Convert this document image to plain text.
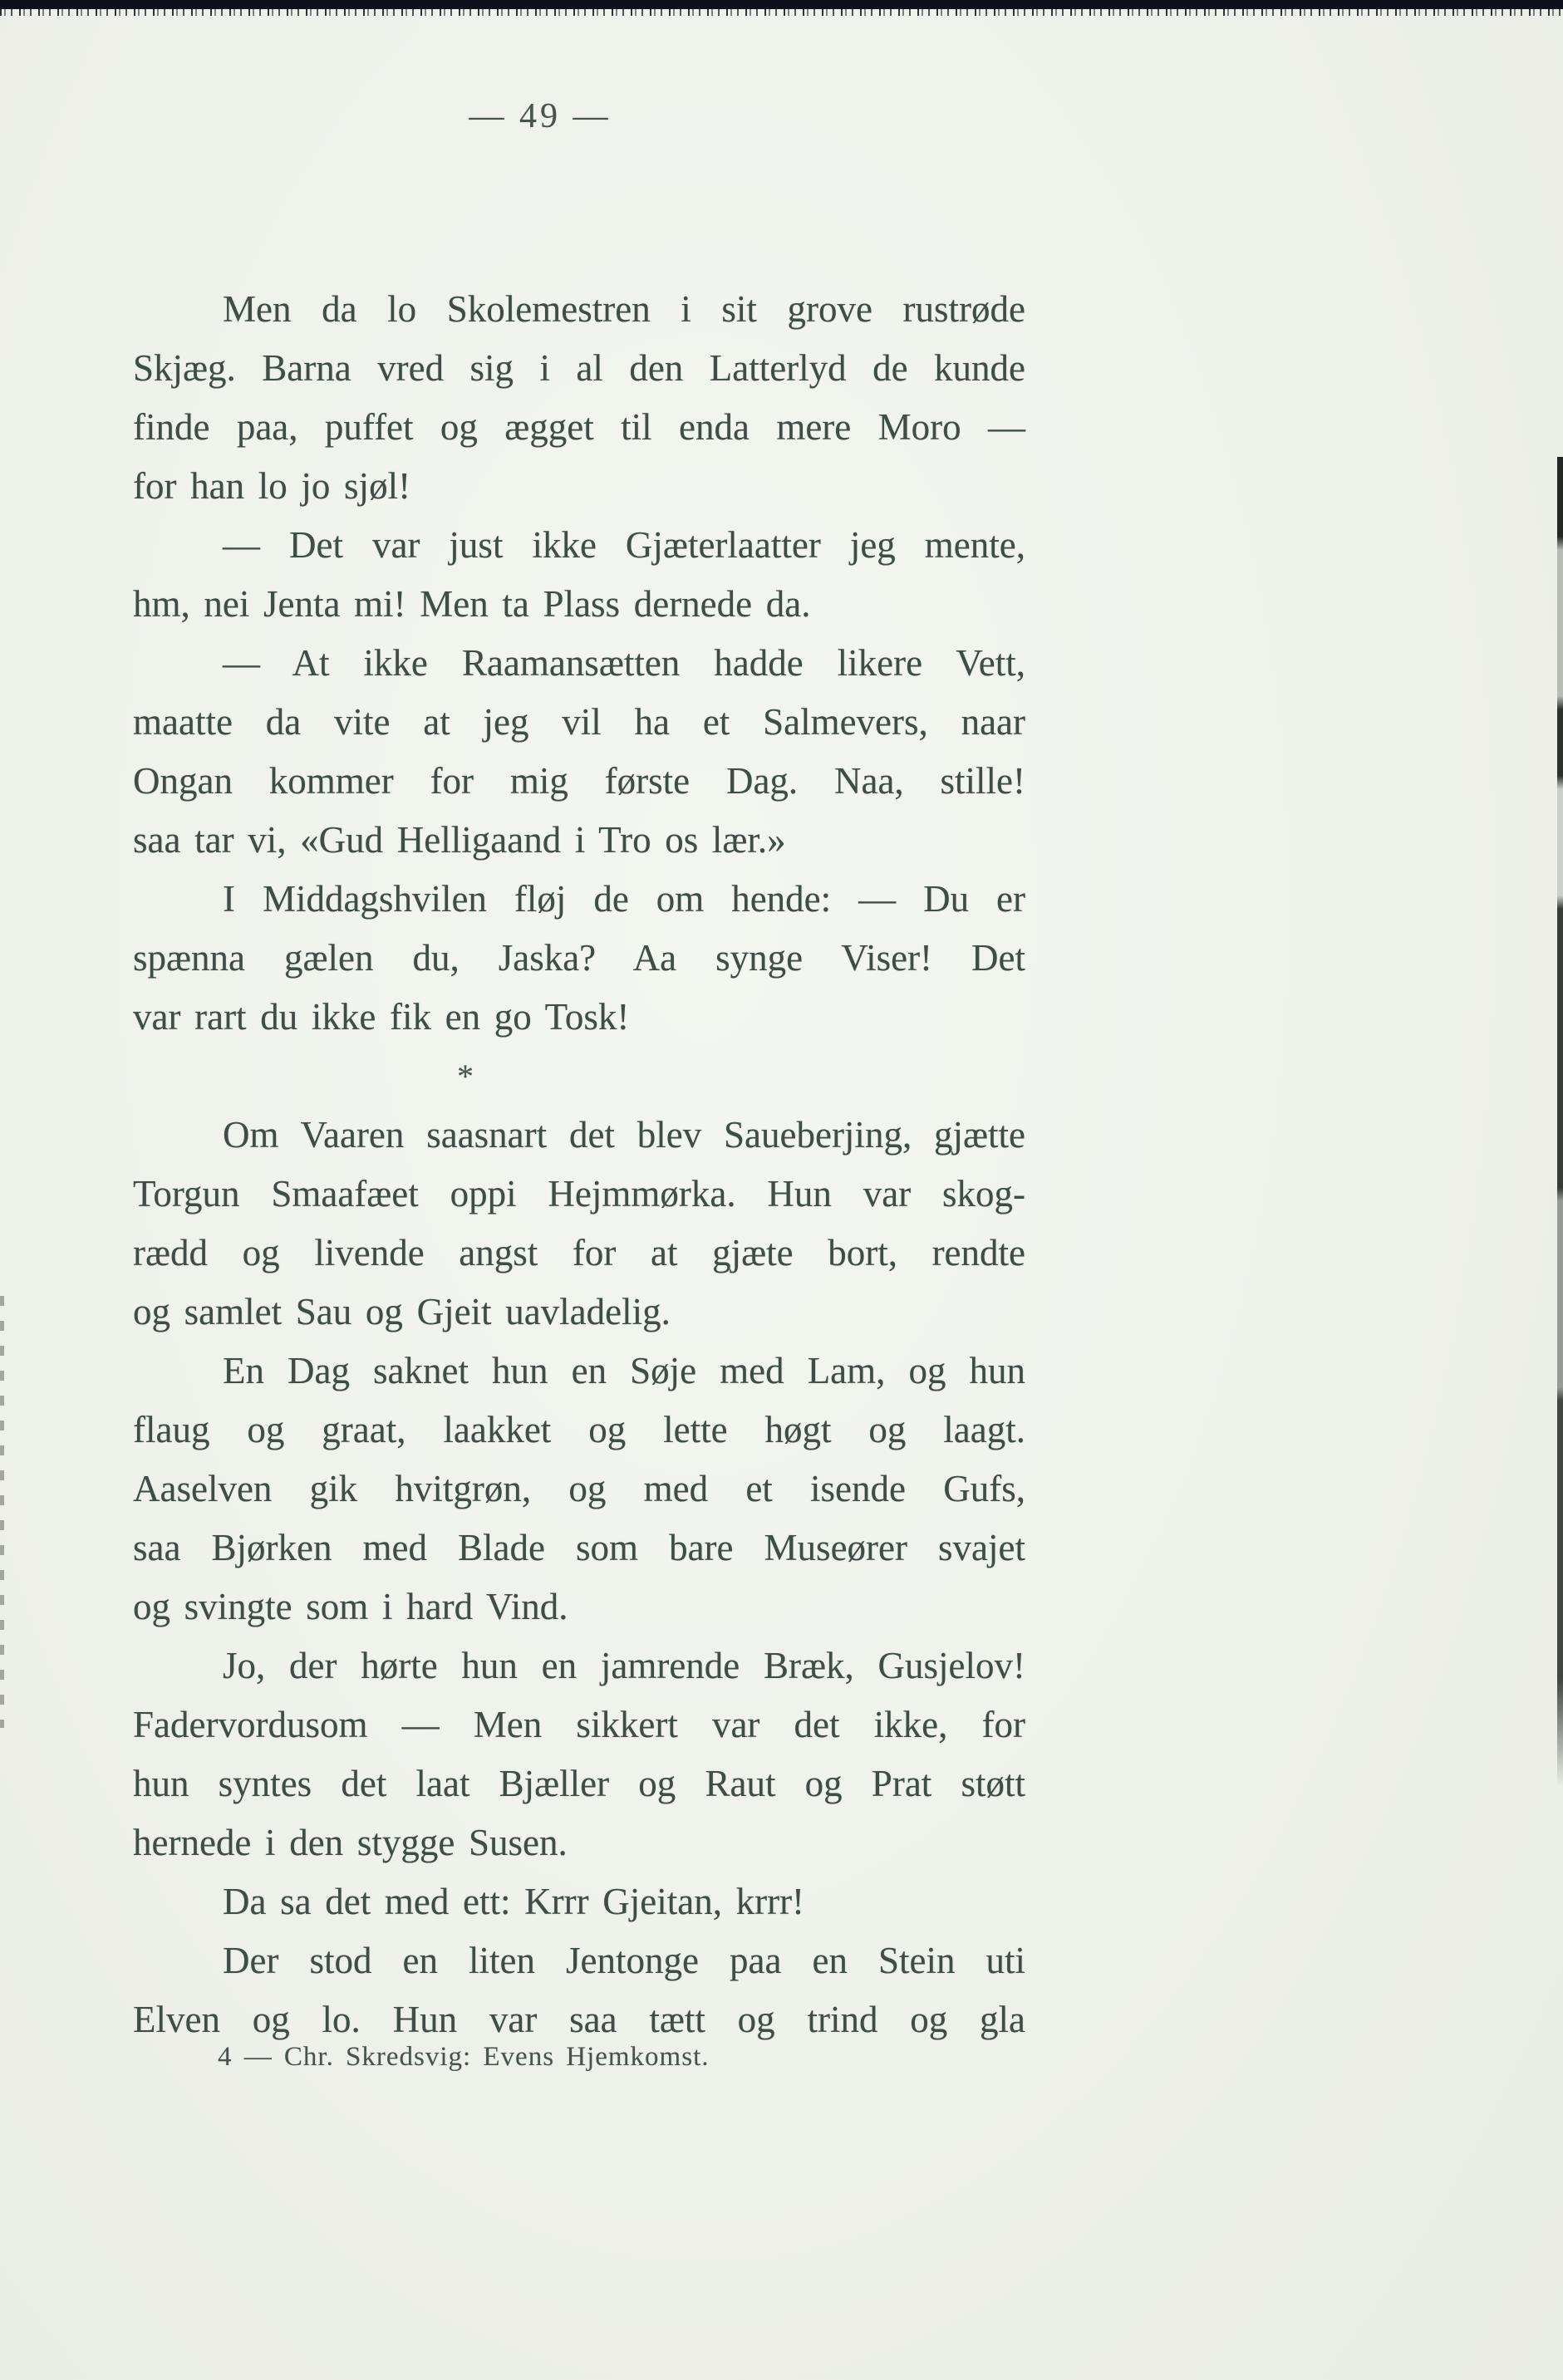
— 49 —
Men da lo Skolemestren i sit grove rustrøde
Skjæg. Barna vred sig i al den Latterlyd de kunde
finde paa, puffet og ægget til enda mere Moro —
for han lo jo sjøl!
— Det var just ikke Gjæterlaatter jeg mente,
hm, nei Jenta mi! Men ta Plass dernede da.
— At ikke Raamansætten hadde likere Vett,
maatte da vite at jeg vil ha et Salmevers, naar
Ongan kommer for mig første Dag. Naa, stille!
saa tar vi, «Gud Helligaand i Tro os lær.»
I Middagshvilen fløj de om hende: — Du er
spænna gælen du, Jaska? Aa synge Viser! Det
var rart du ikke fik en go Tosk!
*
Om Vaaren saasnart det blev Saueberjing, gjætte
Torgun Smaafæet oppi Hejmmørka. Hun var skog-
rædd og livende angst for at gjæte bort, rendte
og samlet Sau og Gjeit uavladelig.
En Dag saknet hun en Søje med Lam, og hun
flaug og graat, laakket og lette høgt og laagt.
Aaselven gik hvitgrøn, og med et isende Gufs,
saa Bjørken med Blade som bare Museører svajet
og svingte som i hard Vind.
Jo, der hørte hun en jamrende Bræk, Gusjelov!
Fadervordusom — Men sikkert var det ikke, for
hun syntes det laat Bjæller og Raut og Prat støtt
hernede i den stygge Susen.
Da sa det med ett: Krrr Gjeitan, krrr!
Der stod en liten Jentonge paa en Stein uti
Elven og lo. Hun var saa tætt og trind og gla
4 — Chr. Skredsvig: Evens Hjemkomst.
